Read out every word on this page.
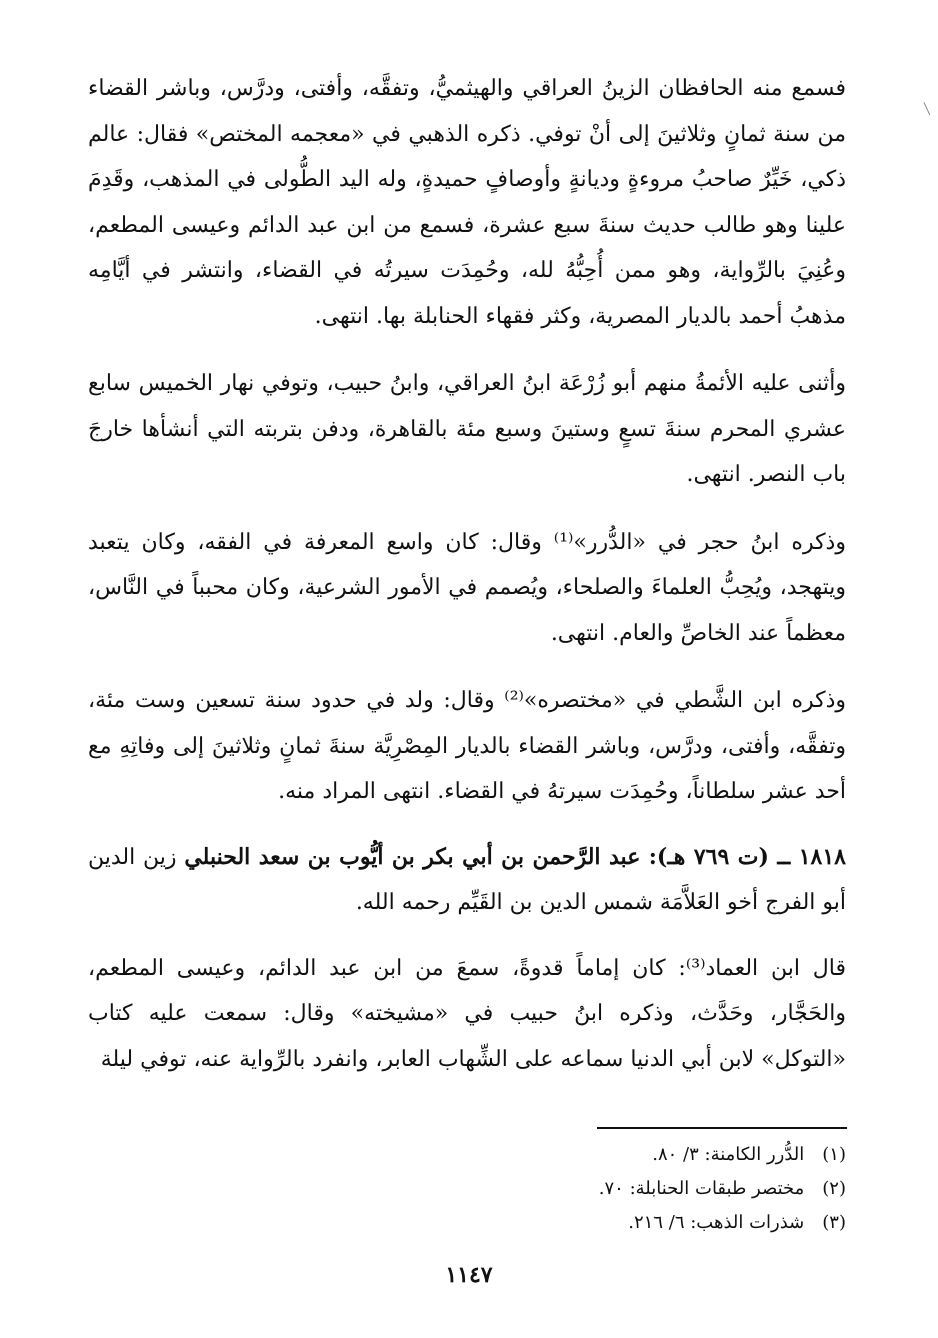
فسمع منه الحافظان الزينُ العراقي والهيثميُّ، وتفقَّه، وأفتى، ودرَّس، وباشر القضاء من سنة ثمانٍ وثلاثينَ إلى أنْ توفي. ذكره الذهبي في «معجمه المختص» فقال: عالم ذكي، خَيِّرٌ صاحبُ مروءةٍ وديانةٍ وأوصافٍ حميدةٍ، وله اليد الطُّولى في المذهب، وقَدِمَ علينا وهو طالب حديث سنةَ سبع عشرة، فسمع من ابن عبد الدائم وعيسى المطعم، وعُنِيَ بالرِّواية، وهو ممن أُحِبُّهُ لله، وحُمِدَت سيرتُه في القضاء، وانتشر في أيَّامِه مذهبُ أحمد بالديار المصرية، وكثر فقهاء الحنابلة بها. انتهى.

وأثنى عليه الأئمةُ منهم أبو زُرْعَة ابنُ العراقي، وابنُ حبيب، وتوفي نهار الخميس سابع عشري المحرم سنةَ تسعٍ وستينَ وسبع مئة بالقاهرة، ودفن بتربته التي أنشأها خارجَ باب النصر. انتهى.

وذكره ابنُ حجر في «الدُّرر»⁽¹⁾ وقال: كان واسع المعرفة في الفقه، وكان يتعبد ويتهجد، ويُحِبُّ العلماءَ والصلحاء، ويُصمم في الأمور الشرعية، وكان محبباً في النَّاس، معظماً عند الخاصِّ والعام. انتهى.

وذكره ابن الشَّطي في «مختصره»⁽²⁾ وقال: ولد في حدود سنة تسعين وست مئة، وتفقَّه، وأفتى، ودرَّس، وباشر القضاء بالديار المِصْرِيَّة سنةَ ثمانٍ وثلاثينَ إلى وفاتِهِ مع أحد عشر سلطاناً، وحُمِدَت سيرتهُ في القضاء. انتهى المراد منه.

١٨١٨ ــ (ت ٧٦٩ هـ): عبد الرَّحمن بن أبي بكر بن أيُّوب بن سعد الحنبلي زين الدين أبو الفرج أخو العَلاَّمَة شمس الدين بن القَيِّم رحمه الله.

قال ابن العماد⁽³⁾: كان إماماً قدوةً، سمعَ من ابن عبد الدائم، وعيسى المطعم، والحَجَّار، وحَدَّث، وذكره ابنُ حبيب في «مشيخته» وقال: سمعت عليه كتاب «التوكل» لابن أبي الدنيا سماعه على الشِّهاب العابر، وانفرد بالرِّواية عنه، توفي ليلة

(١)
الدُّرر الكامنة: ٣/ ٨٠.
(٢)
مختصر طبقات الحنابلة: ٧٠.
(٣)
شذرات الذهب: ٦/ ٢١٦.
١١٤٧
